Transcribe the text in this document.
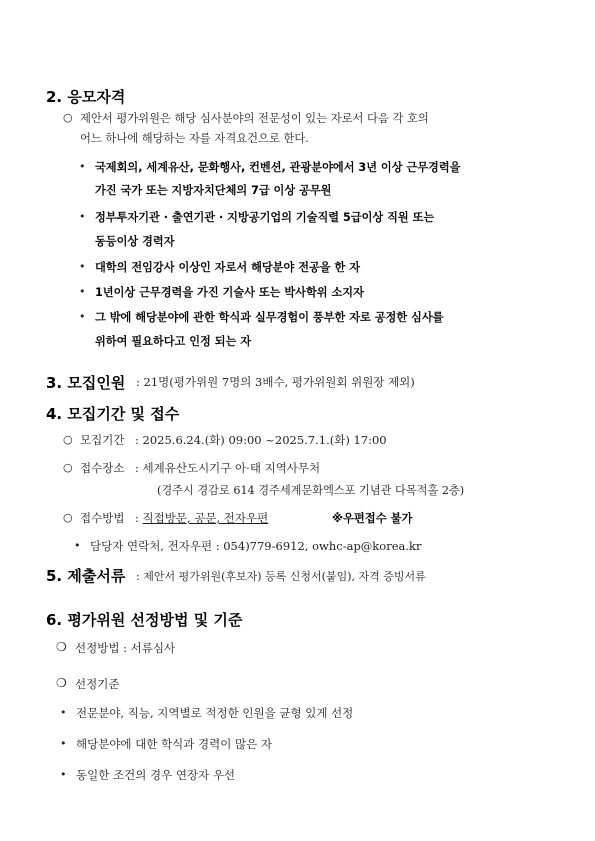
2. 응모자격
○ 제안서 평가위원은 해당 심사분야의 전문성이 있는 자로서 다음 각 호의
어느 하나에 해당하는 자를 자격요건으로 한다.
• 국제회의, 세계유산, 문화행사, 컨벤션, 관광분야에서 3년 이상 근무경력을
가진 국가 또는 지방자치단체의 7급 이상 공무원
• 정부투자기관 · 출연기관 · 지방공기업의 기술직렬 5급이상 직원 또는
동등이상 경력자
• 대학의 전임강사 이상인 자로서 해당분야 전공을 한 자
• 1년이상 근무경력을 가진 기술사 또는 박사학위 소지자
• 그 밖에 해당분야에 관한 학식과 실무경험이 풍부한 자로 공정한 심사를
위하여 필요하다고 인정 되는 자
3. 모집인원 : 21명(평가위원 7명의 3배수, 평가위원회 위원장 제외)
4. 모집기간 및 접수
○ 모집기간 : 2025.6.24.(화) 09:00 ~2025.7.1.(화) 17:00
○ 접수장소 : 세계유산도시기구 아·태 지역사무처
(경주시 경감로 614 경주세계문화엑스포 기념관 다목적홀 2층)
○ 접수방법 : 직접방문, 공문, 전자우편	※우편접수 불가
• 담당자 연락처, 전자우편 : 054)779-6912, owhc-ap@korea.kr
5. 제출서류 : 제안서 평가위원(후보자) 등록 신청서(붙임), 자격 증빙서류
6. 평가위원 선정방법 및 기준
❍ 선정방법 : 서류심사
❍ 선정기준
• 전문분야, 직능, 지역별로 적정한 인원을 균형 있게 선정
• 해당분야에 대한 학식과 경력이 많은 자
• 동일한 조건의 경우 연장자 우선
